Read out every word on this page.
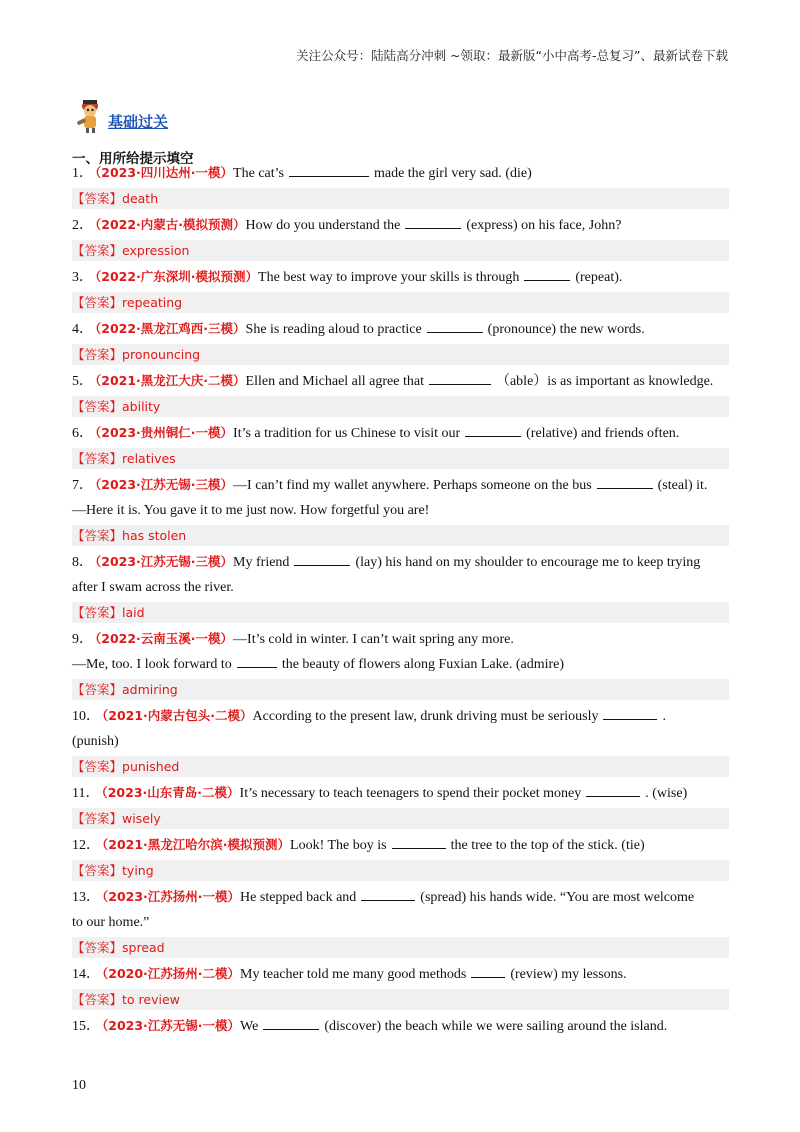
关注公众号：陆陆高分冲刺 ~领取：最新版“小中高考-总复习”、最新试卷下载
基础过关
一、用所给提示填空
1． （2023·四川达州·一模）The cat’s	made the girl very sad. (die)
【答案】death
2． （2022·内蒙古·模拟预测）How do you understand the	(express) on his face, John?
【答案】expression
3． （2022·广东深圳·模拟预测）The best way to improve your skills is through	(repeat).
【答案】repeating
4． （2022·黑龙江鸡西·三模）She is reading aloud to practice	(pronounce) the new words.
【答案】pronouncing
5． （2021·黑龙江大庆·二模）Ellen and Michael all agree that	（able）is as important as knowledge.
【答案】ability
6． （2023·贵州铜仁·一模）It’s a tradition for us Chinese to visit our	(relative) and friends often.
【答案】relatives
7． （2023·江苏无锡·三模）—I can’t find my wallet anywhere. Perhaps someone on the bus	(steal) it.
—Here it is. You gave it to me just now. How forgetful you are!
【答案】has stolen
8． （2023·江苏无锡·三模）My friend	(lay) his hand on my shoulder to encourage me to keep trying
after I swam across the river.
【答案】laid
9． （2022·云南玉溪·一模）—It’s cold in winter. I can’t wait spring any more.
—Me, too. I look forward to	the beauty of flowers along Fuxian Lake. (admire)
【答案】admiring
10． （2021·内蒙古包头·二模）According to the present law, drunk driving must be seriously	.
(punish)
【答案】punished
11． （2023·山东青岛·二模）It’s necessary to teach teenagers to spend their pocket money	. (wise)
【答案】wisely
12． （2021·黑龙江哈尔滨·模拟预测）Look! The boy is	the tree to the top of the stick. (tie)
【答案】tying
13． （2023·江苏扬州·一模）He stepped back and	(spread) his hands wide. “You are most welcome
to our home.”
【答案】spread
14． （2020·江苏扬州·二模）My teacher told me many good methods	(review) my lessons.
【答案】to review
15． （2023·江苏无锡·一模）We	(discover) the beach while we were sailing around the island.
10
